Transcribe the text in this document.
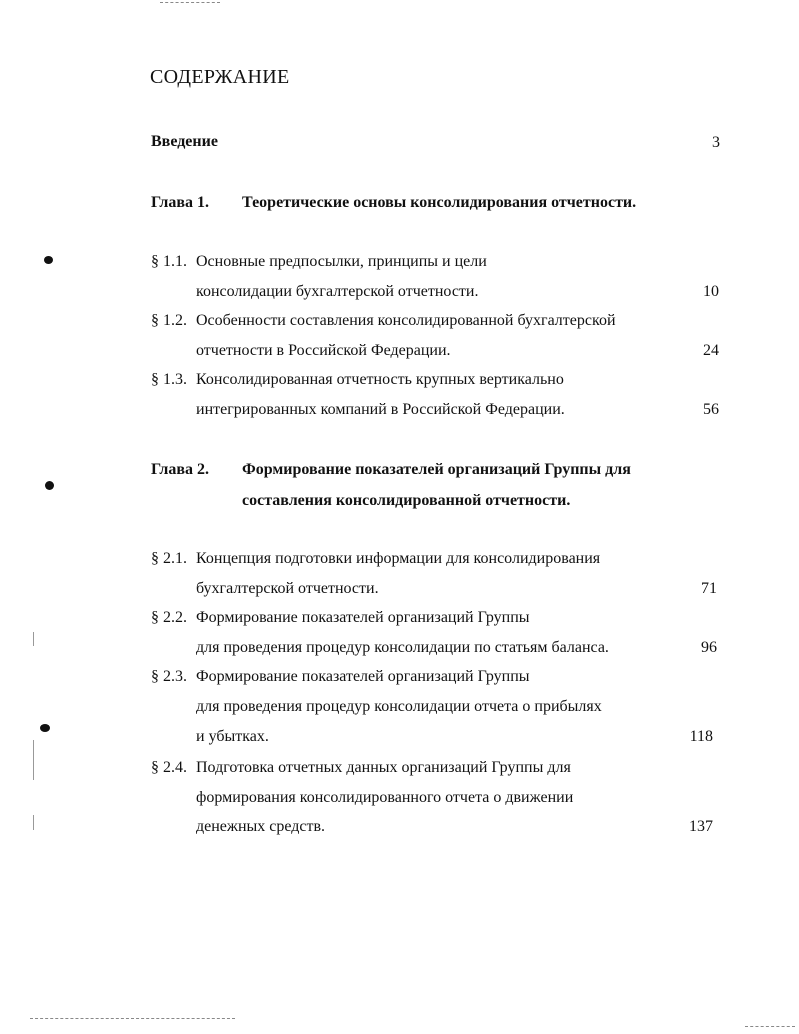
СОДЕРЖАНИЕ
Введение	3
Глава 1. Теоретические основы консолидирования отчетности.
§ 1.1. Основные предпосылки, принципы и цели
консолидации бухгалтерской отчетности.	10
§ 1.2. Особенности составления консолидированной бухгалтерской
отчетности в Российской Федерации.	24
§ 1.3. Консолидированная отчетность крупных вертикально
интегрированных компаний в Российской Федерации.	56
Глава 2. Формирование показателей организаций Группы для
составления консолидированной отчетности.
§ 2.1. Концепция подготовки информации для консолидирования
бухгалтерской отчетности.	71
§ 2.2. Формирование показателей организаций Группы
для проведения процедур консолидации по статьям баланса.	96
§ 2.3. Формирование показателей организаций Группы
для проведения процедур консолидации отчета о прибылях
и убытках.	118
§ 2.4. Подготовка отчетных данных организаций Группы для
формирования консолидированного отчета о движении
денежных средств.	137
